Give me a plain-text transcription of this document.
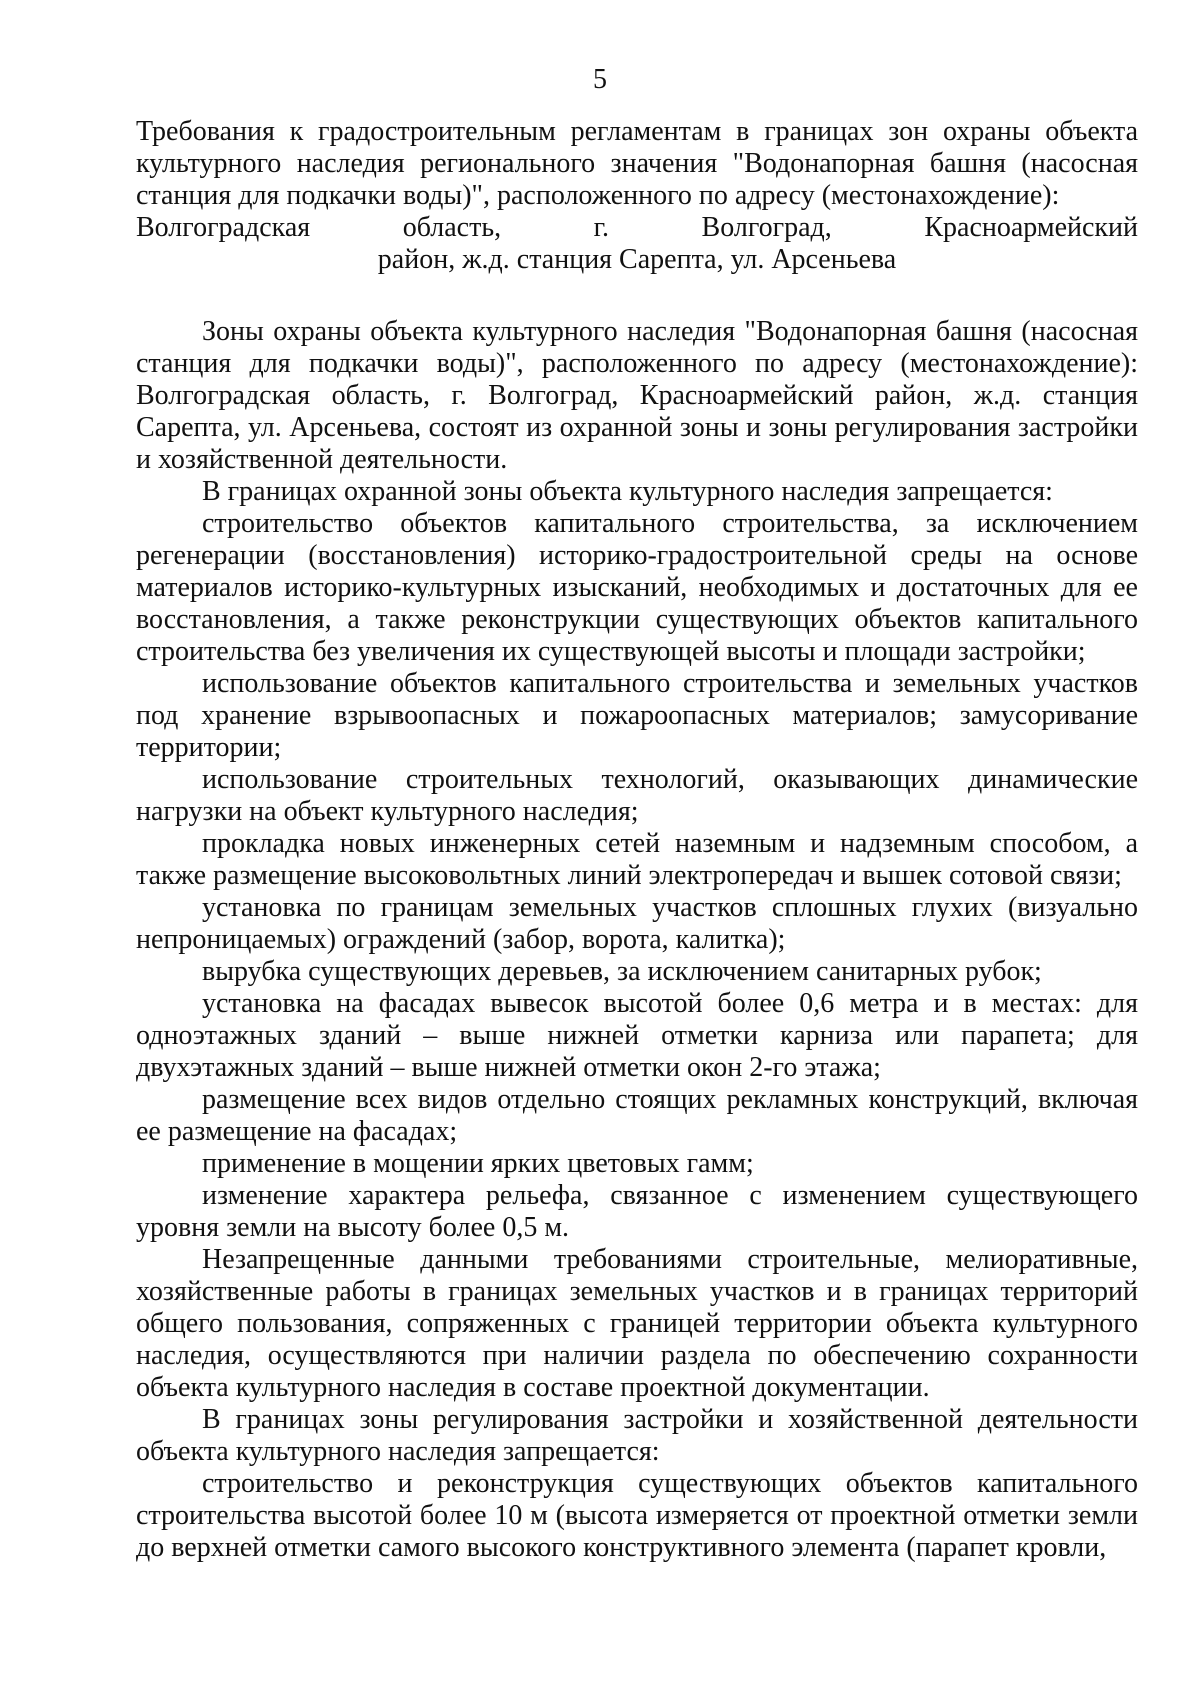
5
Требования к градостроительным регламентам в границах зон охраны объекта культурного наследия регионального значения "Водонапорная башня (насосная станция для подкачки воды)", расположенного по адресу (местонахождение):
Волгоградская область, г. Волгоград, Красноармейский
район, ж.д. станция Сарепта, ул. Арсеньева

Зоны охраны объекта культурного наследия "Водонапорная башня (насосная станция для подкачки воды)", расположенного по адресу (местонахождение): Волгоградская область, г. Волгоград, Красноармейский район, ж.д. станция Сарепта, ул. Арсеньева, состоят из охранной зоны и зоны регулирования застройки и хозяйственной деятельности.

В границах охранной зоны объекта культурного наследия запрещается:

строительство объектов капитального строительства, за исключением регенерации (восстановления) историко-градостроительной среды на основе материалов историко-культурных изысканий, необходимых и достаточных для ее восстановления, а также реконструкции существующих объектов капитального строительства без увеличения их существующей высоты и площади застройки;

использование объектов капитального строительства и земельных участков под хранение взрывоопасных и пожароопасных материалов; замусоривание территории;

использование строительных технологий, оказывающих динамические нагрузки на объект культурного наследия;

прокладка новых инженерных сетей наземным и надземным способом, а также размещение высоковольтных линий электропередач и вышек сотовой связи;

установка по границам земельных участков сплошных глухих (визуально непроницаемых) ограждений (забор, ворота, калитка);

вырубка существующих деревьев, за исключением санитарных рубок;

установка на фасадах вывесок высотой более 0,6 метра и в местах: для одноэтажных зданий – выше нижней отметки карниза или парапета; для двухэтажных зданий – выше нижней отметки окон 2-го этажа;

размещение всех видов отдельно стоящих рекламных конструкций, включая ее размещение на фасадах;

применение в мощении ярких цветовых гамм;

изменение характера рельефа, связанное с изменением существующего уровня земли на высоту более 0,5 м.

Незапрещенные данными требованиями строительные, мелиоративные, хозяйственные работы в границах земельных участков и в границах территорий общего пользования, сопряженных с границей территории объекта культурного наследия, осуществляются при наличии раздела по обеспечению сохранности объекта культурного наследия в составе проектной документации.

В границах зоны регулирования застройки и хозяйственной деятельности объекта культурного наследия запрещается:

строительство и реконструкция существующих объектов капитального строительства высотой более 10 м (высота измеряется от проектной отметки земли до верхней отметки самого высокого конструктивного элемента (парапет кровли,
